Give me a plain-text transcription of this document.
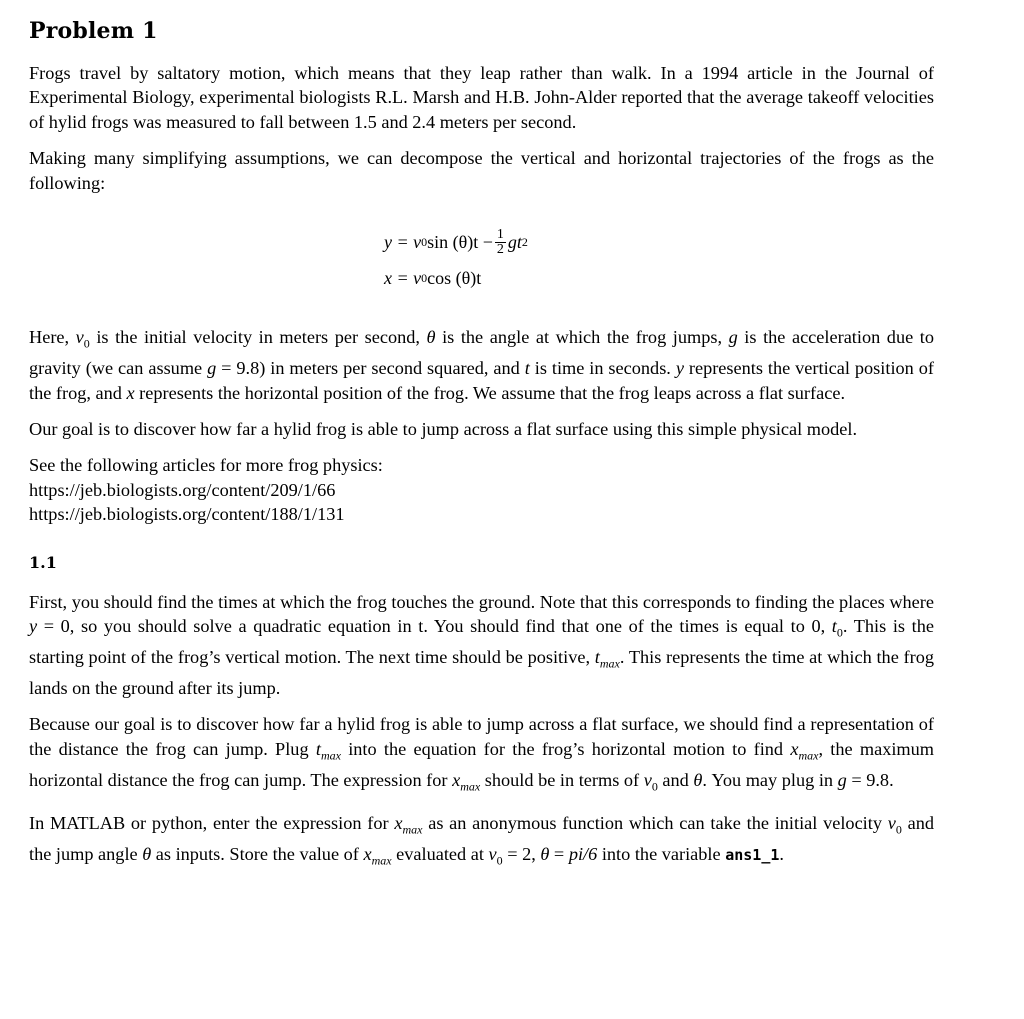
Problem 1

Frogs travel by saltatory motion, which means that they leap rather than walk. In a 1994 article in the Journal of Experimental Biology, experimental biologists R.L. Marsh and H.B. John-Alder reported that the average takeoff velocities of hylid frogs was measured to fall between 1.5 and 2.4 meters per second.

Making many simplifying assumptions, we can decompose the vertical and horizontal trajectories of the frogs as the following:

y = v 0 $\sin (\theta)t - \frac{1}{2}$ gt 2
x = v 0 cos (θ)t

Here, $v_0$ is the initial velocity in meters per second, θ is the angle at which the frog jumps, g is the acceleration due to gravity (we can assume g = 9.8) in meters per second squared, and t is time in seconds. y represents the vertical position of the frog, and x represents the horizontal position of the frog. We assume that the frog leaps across a flat surface.

Our goal is to discover how far a hylid frog is able to jump across a flat surface using this simple physical model.

See the following articles for more frog physics:
https://jeb.biologists.org/content/209/1/66
https://jeb.biologists.org/content/188/1/131

1.1

First, you should find the times at which the frog touches the ground. Note that this corresponds to finding the places where y = 0, so you should solve a quadratic equation in t. You should find that one of the times is equal to 0, $t_0$. This is the starting point of the frog’s vertical motion. The next time should be positive, $t_{max}$. This represents the time at which the frog lands on the ground after its jump.

Because our goal is to discover how far a hylid frog is able to jump across a flat surface, we should find a representation of the distance the frog can jump. Plug $t_{max}$ into the equation for the frog’s horizontal motion to find $x_{max}$, the maximum horizontal distance the frog can jump. The expression for $x_{max}$ should be in terms of $v_0$ and θ. You may plug in g = 9.8.

In MATLAB or python, enter the expression for $x_{max}$ as an anonymous function which can take the initial velocity $v_0$ and the jump angle θ as inputs. Store the value of $x_{max}$ evaluated at $v_0 = 2$, θ = pi/6 into the variable ans1_1.
